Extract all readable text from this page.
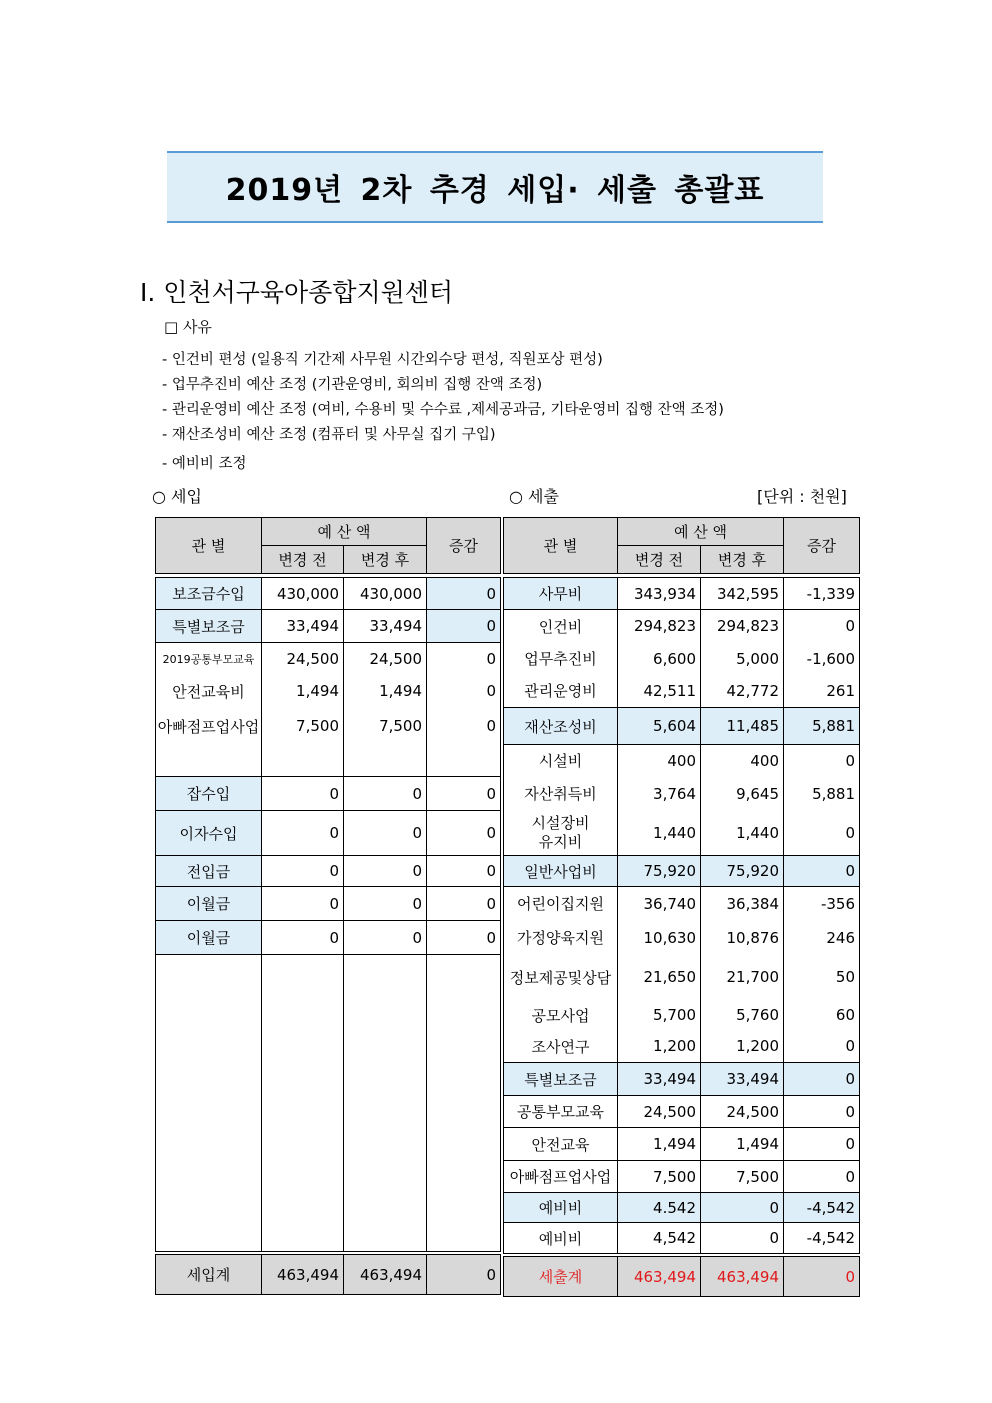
2019년 2차 추경 세입· 세출 총괄표
Ⅰ. 인천서구육아종합지원센터
□ 사유
- 인건비 편성 (일용직 기간제 사무원 시간외수당 편성, 직원포상 편성)
- 업무추진비 예산 조정 (기관운영비, 회의비 집행 잔액 조정)
- 관리운영비 예산 조정 (여비, 수용비 및 수수료 ,제세공과금, 기타운영비 집행 잔액 조정)
- 재산조성비 예산 조정 (컴퓨터 및 사무실 집기 구입)
- 예비비 조정
○ 세입	○ 세출	[단위 : 천원]
관 별	예 산 액		증감
	변경 전	변경 후	

보조금수입	430,000	430,000	0
특별보조금	33,494	33,494	0
2019공통부모교육	24,500	24,500	0
안전교육비	1,494	1,494	0
아빠점프업사업	7,500	7,500	0

잡수입	0	0	0
이자수입	0	0	0
전입금	0	0	0
이월금	0	0	0
이월금	0	0	0

세입계	463,494	463,494	0
관 별	예 산 액		증감
	변경 전	변경 후	

사무비	343,934	342,595	-1,339
인건비	294,823	294,823	0
업무추진비	6,600	5,000	-1,600
관리운영비	42,511	42,772	261
재산조성비	5,604	11,485	5,881
시설비	400	400	0
자산취득비	3,764	9,645	5,881
시설장비
유지비	1,440	1,440	0
일반사업비	75,920	75,920	0
어린이집지원	36,740	36,384	-356
가정양육지원	10,630	10,876	246
정보제공및상담	21,650	21,700	50
공모사업	5,700	5,760	60
조사연구	1,200	1,200	0
특별보조금	33,494	33,494	0
공통부모교육	24,500	24,500	0
안전교육	1,494	1,494	0
아빠점프업사업	7,500	7,500	0
예비비	4.542	0	-4,542
예비비	4,542	0	-4,542

세출계	463,494	463,494	0
